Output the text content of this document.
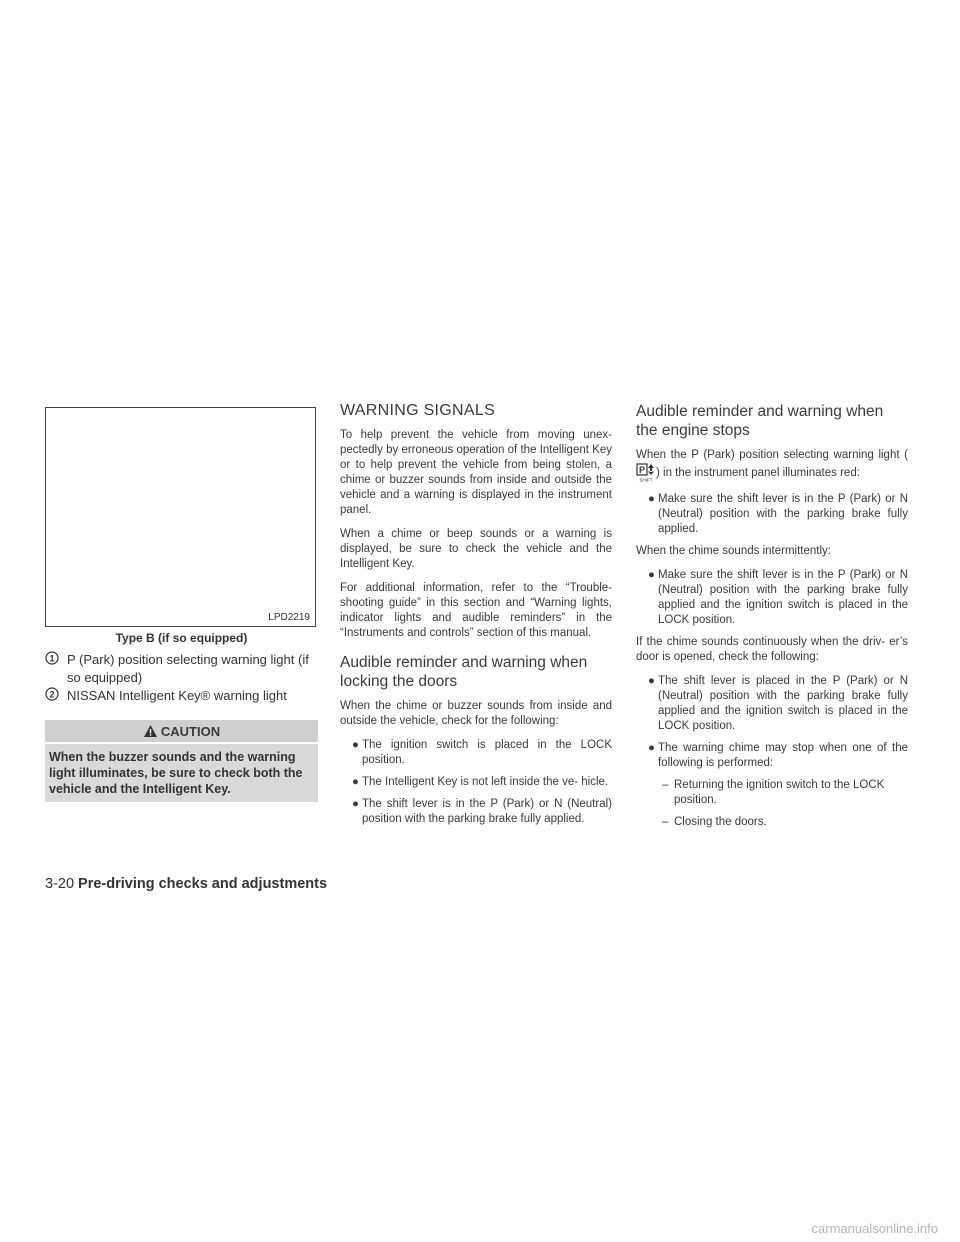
LPD2219
Type B (if so equipped)
1 P (Park) position selecting warning light (if so equipped)
2 NISSAN Intelligent Key® warning light
CAUTION
When the buzzer sounds and the warning light illuminates, be sure to check both the vehicle and the Intelligent Key.
WARNING SIGNALS

To help prevent the vehicle from moving unex- pectedly by erroneous operation of the Intelligent Key or to help prevent the vehicle from being stolen, a chime or buzzer sounds from inside and outside the vehicle and a warning is displayed in the instrument panel.

When a chime or beep sounds or a warning is displayed, be sure to check the vehicle and the Intelligent Key.

For additional information, refer to the “Trouble- shooting guide” in this section and “Warning lights, indicator lights and audible reminders” in the “Instruments and controls” section of this manual.

Audible reminder and warning when locking the doors

When the chime or buzzer sounds from inside and outside the vehicle, check for the following:

● The ignition switch is placed in the LOCK position.
● The Intelligent Key is not left inside the ve- hicle.
● The shift lever is in the P (Park) or N (Neutral) position with the parking brake fully applied.
Audible reminder and warning when the engine stops

When the P (Park) position selecting warning light (
P
SHIFT
) in the instrument panel illuminates red:

● Make sure the shift lever is in the P (Park) or N (Neutral) position with the parking brake fully applied.

When the chime sounds intermittently:

● Make sure the shift lever is in the P (Park) or N (Neutral) position with the parking brake fully applied and the ignition switch is placed in the LOCK position.

If the chime sounds continuously when the driv- er’s door is opened, check the following:

● The shift lever is placed in the P (Park) or N (Neutral) position with the parking brake fully applied and the ignition switch is placed in the LOCK position.
● The warning chime may stop when one of the following is performed:
– Returning the ignition switch to the LOCK position.
– Closing the doors.
3-20 Pre-driving checks and adjustments
carmanualsonline.info
